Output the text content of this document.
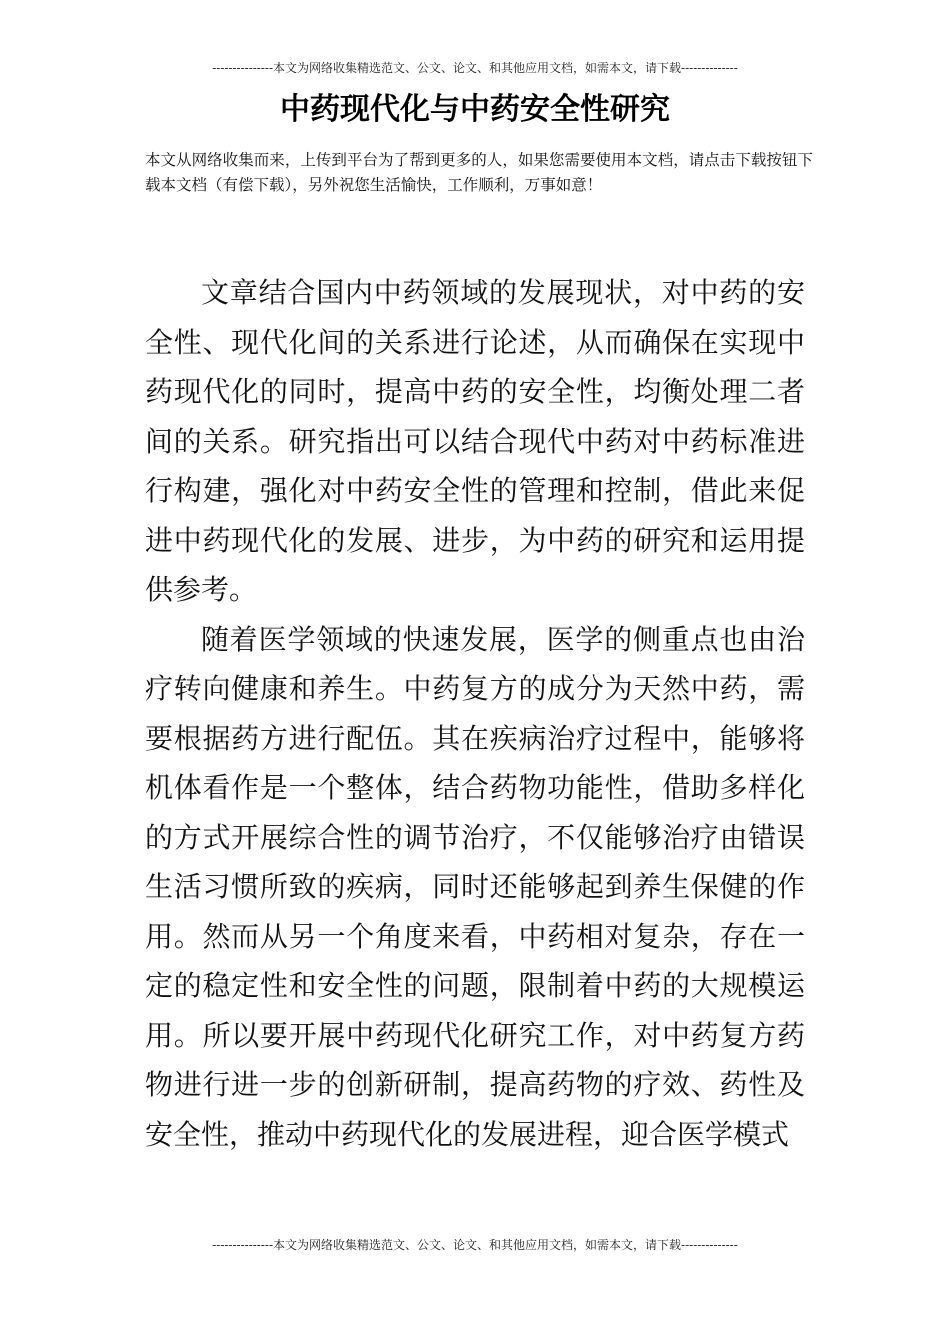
---------------本文为网络收集精选范文、公文、论文、和其他应用文档，如需本文，请下载--------------
中药现代化与中药安全性研究

本文从网络收集而来，上传到平台为了帮到更多的人，如果您需要使用本文档，请点击下载按钮下载本文档（有偿下载），另外祝您生活愉快，工作顺利，万事如意！

文章结合国内中药领域的发展现状，对中药的安全性、现代化间的关系进行论述，从而确保在实现中药现代化的同时，提高中药的安全性，均衡处理二者间的关系。研究指出可以结合现代中药对中药标准进行构建，强化对中药安全性的管理和控制，借此来促进中药现代化的发展、进步，为中药的研究和运用提供参考。

随着医学领域的快速发展，医学的侧重点也由治疗转向健康和养生。中药复方的成分为天然中药，需要根据药方进行配伍。其在疾病治疗过程中，能够将机体看作是一个整体，结合药物功能性，借助多样化的方式开展综合性的调节治疗，不仅能够治疗由错误生活习惯所致的疾病，同时还能够起到养生保健的作用。然而从另一个角度来看，中药相对复杂，存在一定的稳定性和安全性的问题，限制着中药的大规模运用。所以要开展中药现代化研究工作，对中药复方药物进行进一步的创新研制，提高药物的疗效、药性及安全性，推动中药现代化的发展进程，迎合医学模式

---------------本文为网络收集精选范文、公文、论文、和其他应用文档，如需本文，请下载--------------
